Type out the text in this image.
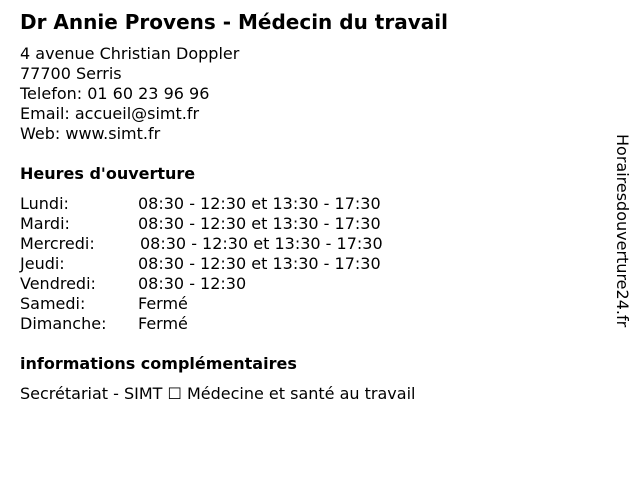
Dr Annie Provens - Médecin du travail
4 avenue Christian Doppler
77700 Serris
Telefon: 01 60 23 96 96
Email: accueil@simt.fr
Web: www.simt.fr
Heures d'ouverture
Lundi:	08:30 - 12:30 et 13:30 - 17:30
Mardi:	08:30 - 12:30 et 13:30 - 17:30
Mercredi:	08:30 - 12:30 et 13:30 - 17:30
Jeudi:	08:30 - 12:30 et 13:30 - 17:30
Vendredi:	08:30 - 12:30
Samedi:	Fermé
Dimanche: Fermé
informations complémentaires
Secrétariat - SIMT ☐ Médecine et santé au travail
Horairesdouverture24.fr
